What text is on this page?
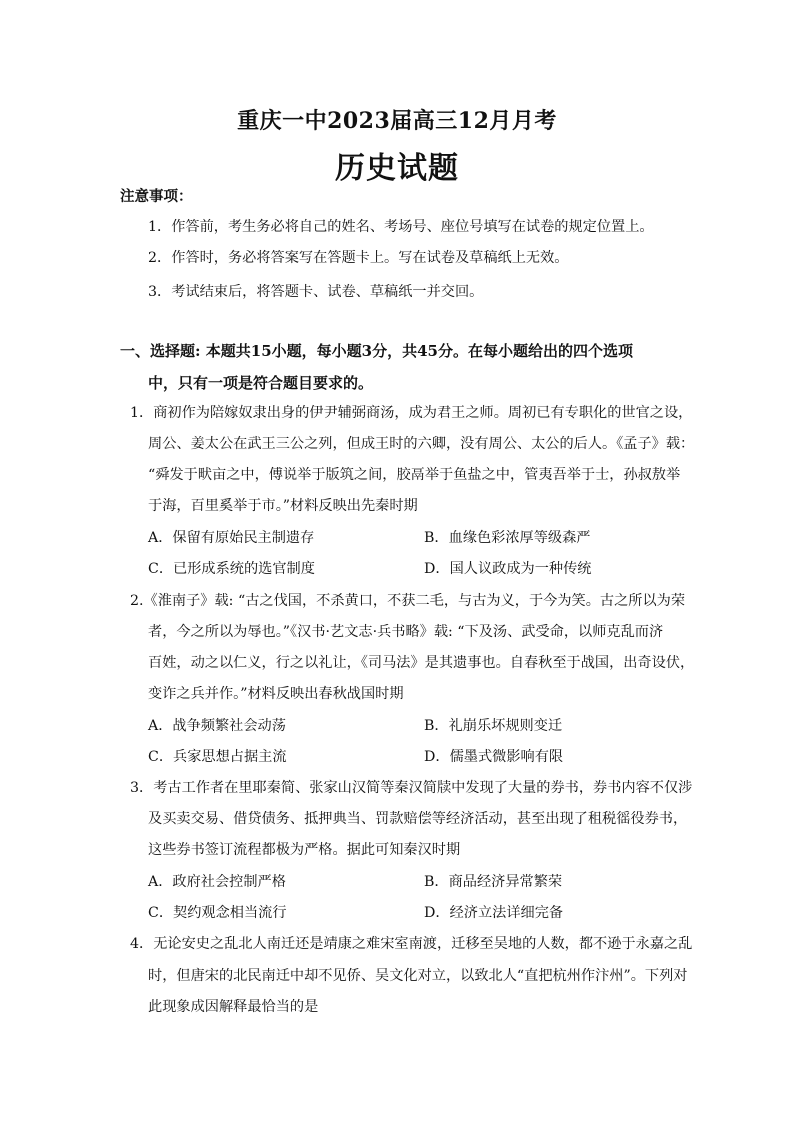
重庆一中2023届高三12月月考
历史试题
注意事项：
1．作答前，考生务必将自己的姓名、考场号、座位号填写在试卷的规定位置上。
2．作答时，务必将答案写在答题卡上。写在试卷及草稿纸上无效。
3．考试结束后，将答题卡、试卷、草稿纸一并交回。
一、选择题: 本题共15小题，每小题3分，共45分。在每小题给出的四个选项
中，只有一项是符合题目要求的。
1．商初作为陪嫁奴隶出身的伊尹辅弼商汤，成为君王之师。周初已有专职化的世官之设，
周公、姜太公在武王三公之列，但成王时的六卿，没有周公、太公的后人。《孟子》载：
“舜发于畎亩之中，傅说举于版筑之间，胶鬲举于鱼盐之中，管夷吾举于士，孙叔敖举
于海，百里奚举于市。”材料反映出先秦时期
A．保留有原始民主制遗存	B．血缘色彩浓厚等级森严
C．已形成系统的选官制度	D．国人议政成为一种传统
2.《淮南子》载: “古之伐国，不杀黄口，不获二毛，与古为义，于今为笑。古之所以为荣
者，今之所以为辱也。”《汉书·艺文志·兵书略》载: “下及汤、武受命，以师克乱而济
百姓，动之以仁义，行之以礼让，《司马法》是其遗事也。自春秋至于战国，出奇设伏，
变诈之兵并作。”材料反映出春秋战国时期
A．战争频繁社会动荡	B．礼崩乐坏规则变迁
C．兵家思想占据主流	D．儒墨式微影响有限
3．考古工作者在里耶秦简、张家山汉简等秦汉简牍中发现了大量的券书，券书内容不仅涉
及买卖交易、借贷债务、抵押典当、罚款赔偿等经济活动，甚至出现了租税徭役券书，
这些券书签订流程都极为严格。据此可知秦汉时期
A．政府社会控制严格	B．商品经济异常繁荣
C．契约观念相当流行	D．经济立法详细完备
4．无论安史之乱北人南迁还是靖康之难宋室南渡，迁移至吴地的人数，都不逊于永嘉之乱
时，但唐宋的北民南迁中却不见侨、吴文化对立，以致北人“直把杭州作汴州”。下列对
此现象成因解释最恰当的是
